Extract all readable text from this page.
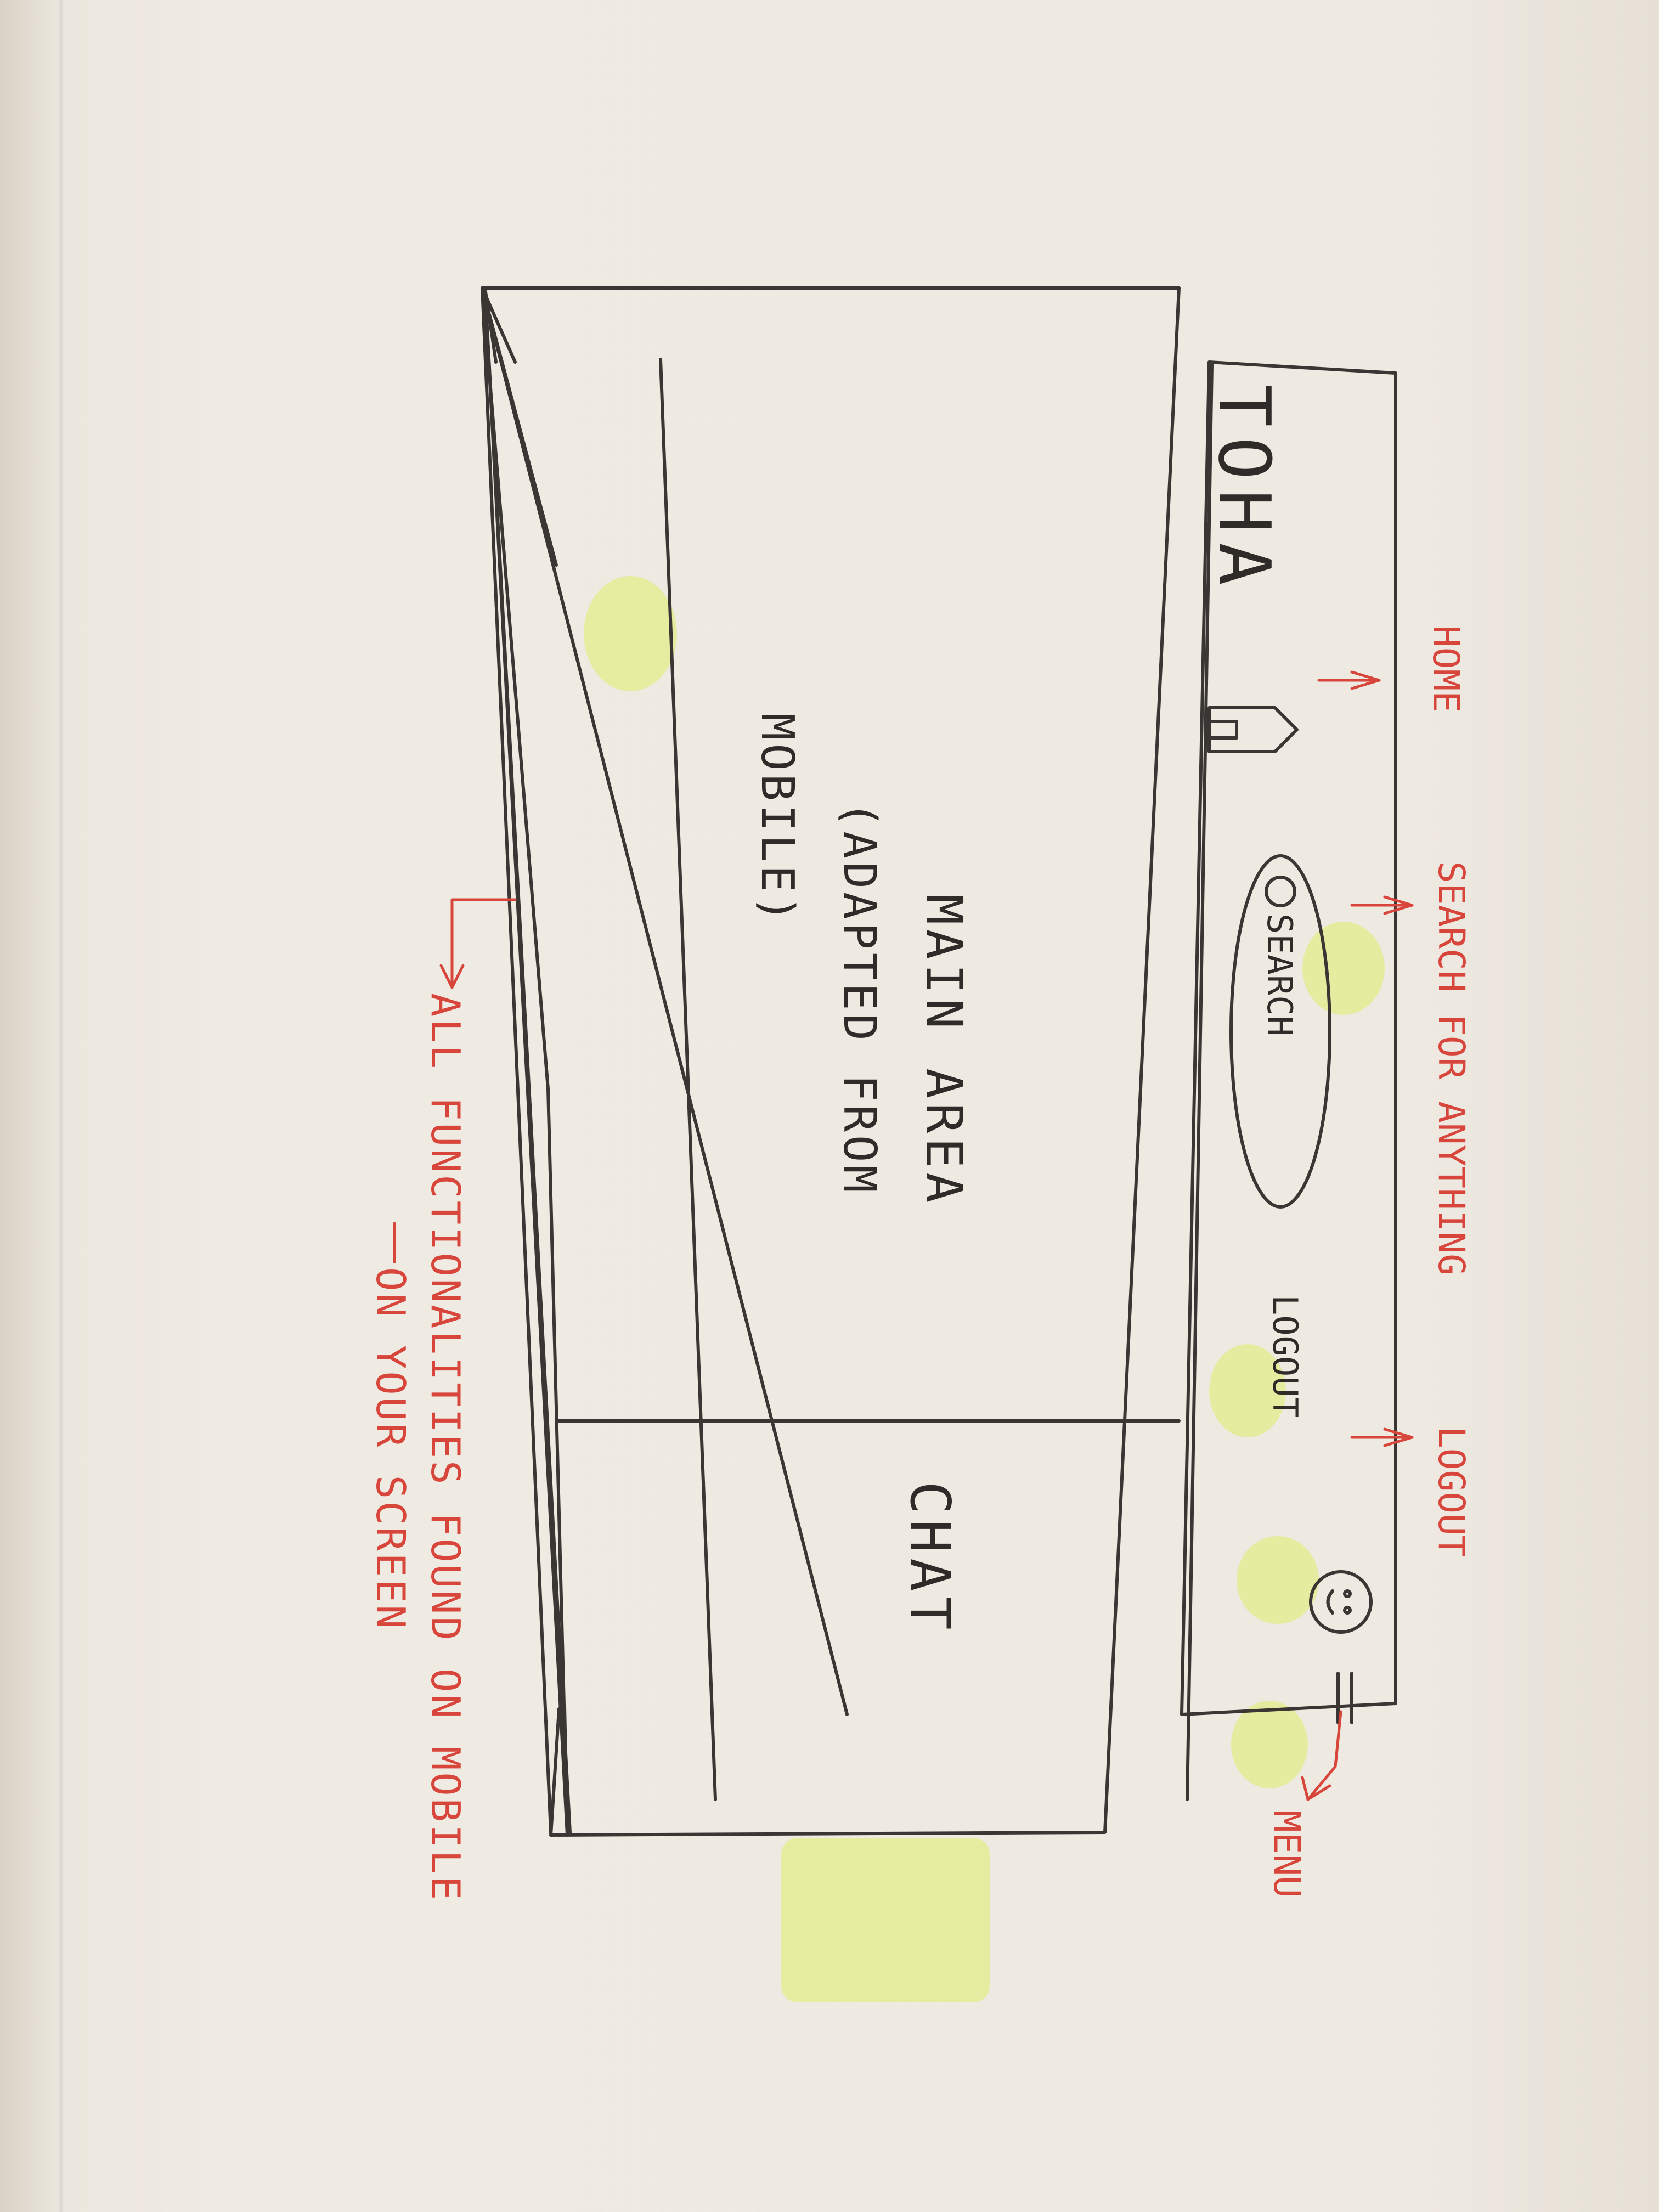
TOHA
SEARCH
LOGOUT
MAIN AREA
(ADAPTED FROM
MOBILE)
CHAT
HOME
SEARCH FOR ANYTHING
LOGOUT
MENU
ALL FUNCTIONALITIES FOUND ON MOBILE
ON YOUR SCREEN
